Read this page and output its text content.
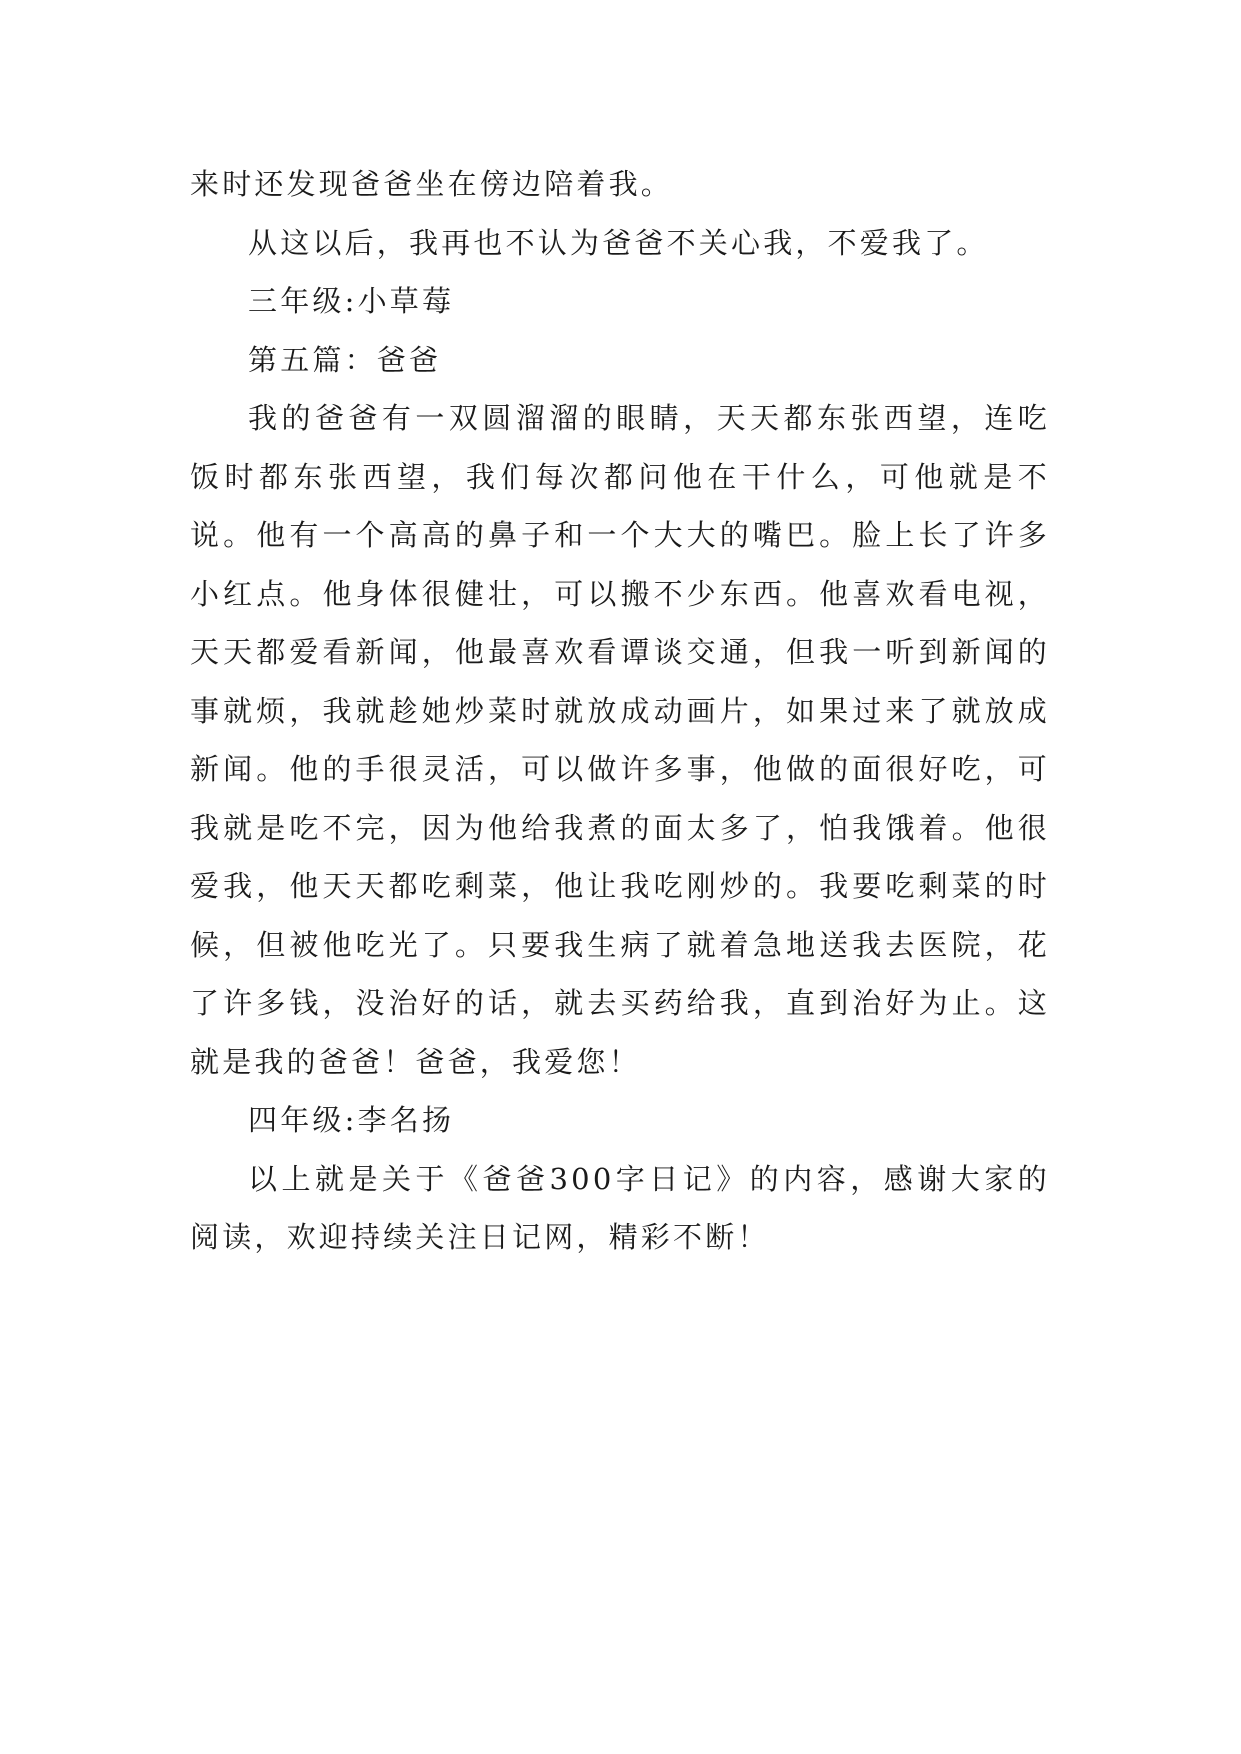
来时还发现爸爸坐在傍边陪着我。

从这以后，我再也不认为爸爸不关心我，不爱我了。

三年级:小草莓

第五篇：爸爸

我的爸爸有一双圆溜溜的眼睛，天天都东张西望，连吃饭时都东张西望，我们每次都问他在干什么，可他就是不说。他有一个高高的鼻子和一个大大的嘴巴。脸上长了许多小红点。他身体很健壮，可以搬不少东西。他喜欢看电视，天天都爱看新闻，他最喜欢看谭谈交通，但我一听到新闻的事就烦，我就趁她炒菜时就放成动画片，如果过来了就放成新闻。他的手很灵活，可以做许多事，他做的面很好吃，可我就是吃不完，因为他给我煮的面太多了，怕我饿着。他很爱我，他天天都吃剩菜，他让我吃刚炒的。我要吃剩菜的时候，但被他吃光了。只要我生病了就着急地送我去医院，花了许多钱，没治好的话，就去买药给我，直到治好为止。这就是我的爸爸！爸爸，我爱您！

四年级:李名扬

以上就是关于《爸爸300字日记》的内容，感谢大家的阅读，欢迎持续关注日记网，精彩不断！
